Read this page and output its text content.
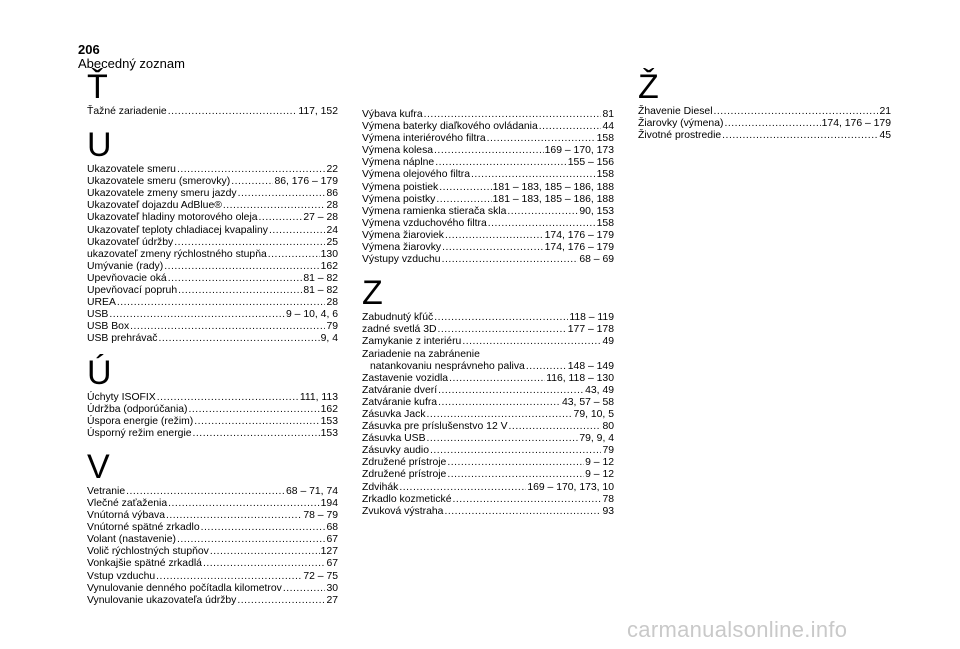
206
Abecedný zoznam
Ť
Ťažné zariadenie .....	117, 152
U
Ukazovatele smeru .....	22
Ukazovatele smeru (smerovky) .....	86, 176 – 179
Ukazovatele zmeny smeru jazdy .....	86
Ukazovateľ dojazdu AdBlue® .....	28
Ukazovateľ hladiny motorového oleja .....	27 – 28
Ukazovateľ teploty chladiacej kvapaliny .....	24
Ukazovateľ údržby .....	25
ukazovateľ zmeny rýchlostného stupňa .....	130
Umývanie (rady) .....	162
Upevňovacie oká .....	81 – 82
Upevňovací popruh .....	81 – 82
UREA .....	28
USB .....	9 – 10, 4, 6
USB Box .....	79
USB prehrávač .....	9, 4
Ú
Úchyty ISOFIX .....	111, 113
Údržba (odporúčania) .....	162
Úspora energie (režim) .....	153
Úsporný režim energie .....	153
V
Vetranie .....	68 – 71, 74
Vlečné zaťaženia .....	194
Vnútorná výbava .....	78 – 79
Vnútorné spätné zrkadlo .....	68
Volant (nastavenie) .....	67
Volič rýchlostných stupňov .....	127
Vonkajšie spätné zrkadlá .....	67
Vstup vzduchu .....	72 – 75
Vynulovanie denného počítadla kilometrov .....	30
Vynulovanie ukazovateľa údržby .....	27
Výbava kufra .....	81
Výmena baterky diaľkového ovládania .....	44
Výmena interiérového filtra .....	158
Výmena kolesa .....	169 – 170, 173
Výmena náplne .....	155 – 156
Výmena olejového filtra .....	158
Výmena poistiek .....	181 – 183, 185 – 186, 188
Výmena poistky .....	181 – 183, 185 – 186, 188
Výmena ramienka stierača skla .....	90, 153
Výmena vzduchového filtra .....	158
Výmena žiaroviek .....	174, 176 – 179
Výmena žiarovky .....	174, 176 – 179
Výstupy vzduchu .....	68 – 69
Z
Zabudnutý kľúč .....	118 – 119
zadné svetlá 3D .....	177 – 178
Zamykanie z interiéru .....	49
Zariadenie na zabránenie
natankovaniu nesprávneho paliva .....	148 – 149
Zastavenie vozidla .....	116, 118 – 130
Zatváranie dverí .....	43, 49
Zatváranie kufra .....	43, 57 – 58
Zásuvka Jack .....	79, 10, 5
Zásuvka pre príslušenstvo 12 V .....	80
Zásuvka USB .....	79, 9, 4
Zásuvky audio .....	79
Združené prístroje .....	9 – 12
Združené prístroje .....	9 – 12
Zdvihák .....	169 – 170, 173, 10
Zrkadlo kozmetické .....	78
Zvuková výstraha .....	93
Ž
Žhavenie Diesel .....	21
Žiarovky (výmena) .....	174, 176 – 179
Životné prostredie .....	45
carmanualsonline.info
